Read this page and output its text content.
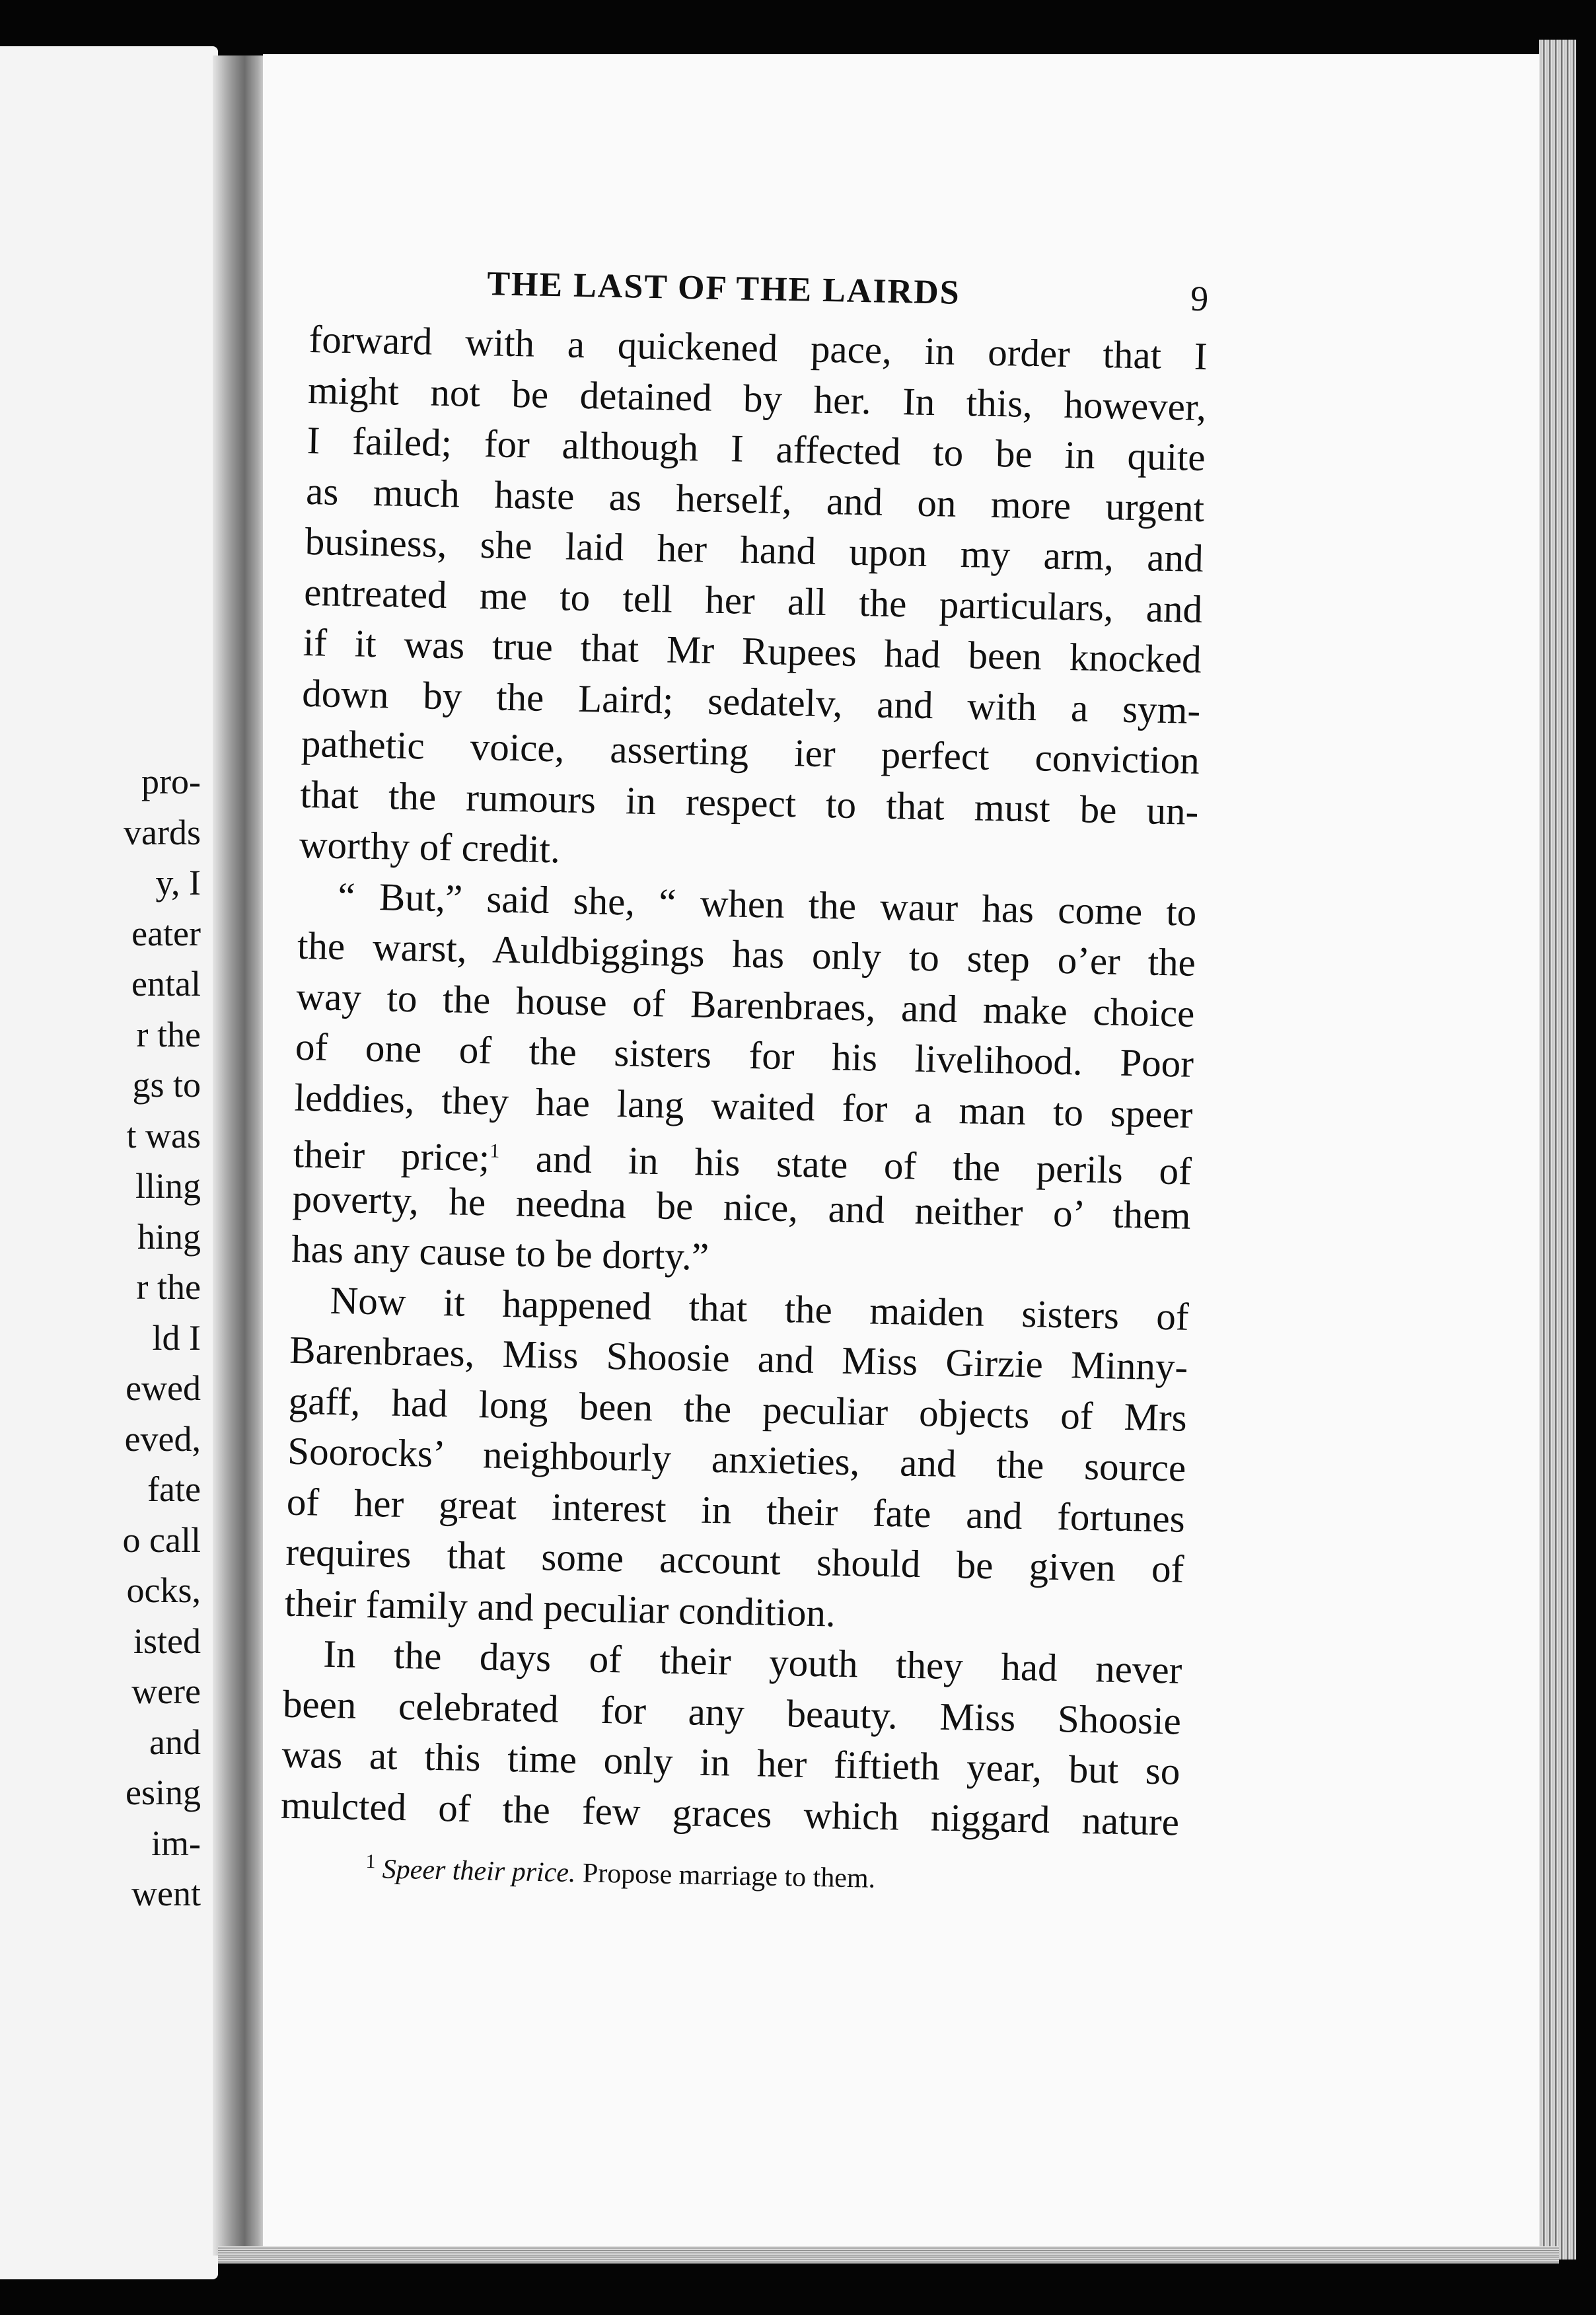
pro-
vards
y, I
eater
ental
r the
gs to
t was
lling
hing
r the
ld I
ewed
eved,
fate
o call
ocks,
isted
were
and
esing
im-
went
THE LAST OF THE LAIRDS	9
forward with a quickened pace, in order that I
might not be detained by her. In this, however,
I failed; for although I affected to be in quite
as much haste as herself, and on more urgent
business, she laid her hand upon my arm, and
entreated me to tell her all the particulars, and
if it was true that Mr Rupees had been knocked
down by the Laird; sedatelv, and with a sym-
pathetic voice, asserting ier perfect conviction
that the rumours in respect to that must be un-
worthy of credit.
“ But,” said she, “ when the waur has come to
the warst, Auldbiggings has only to step o’er the
way to the house of Barenbraes, and make choice
of one of the sisters for his livelihood. Poor
leddies, they hae lang waited for a man to speer
their price;$^1$ and in his state of the perils of
poverty, he needna be nice, and neither o’ them
has any cause to be dorty.”
Now it happened that the maiden sisters of
Barenbraes, Miss Shoosie and Miss Girzie Minny-
gaff, had long been the peculiar objects of Mrs
Soorocks’ neighbourly anxieties, and the source
of her great interest in their fate and fortunes
requires that some account should be given of
their family and peculiar condition.
In the days of their youth they had never
been celebrated for any beauty. Miss Shoosie
was at this time only in her fiftieth year, but so
mulcted of the few graces which niggard nature
$^1$ Speer their price. Propose marriage to them.
